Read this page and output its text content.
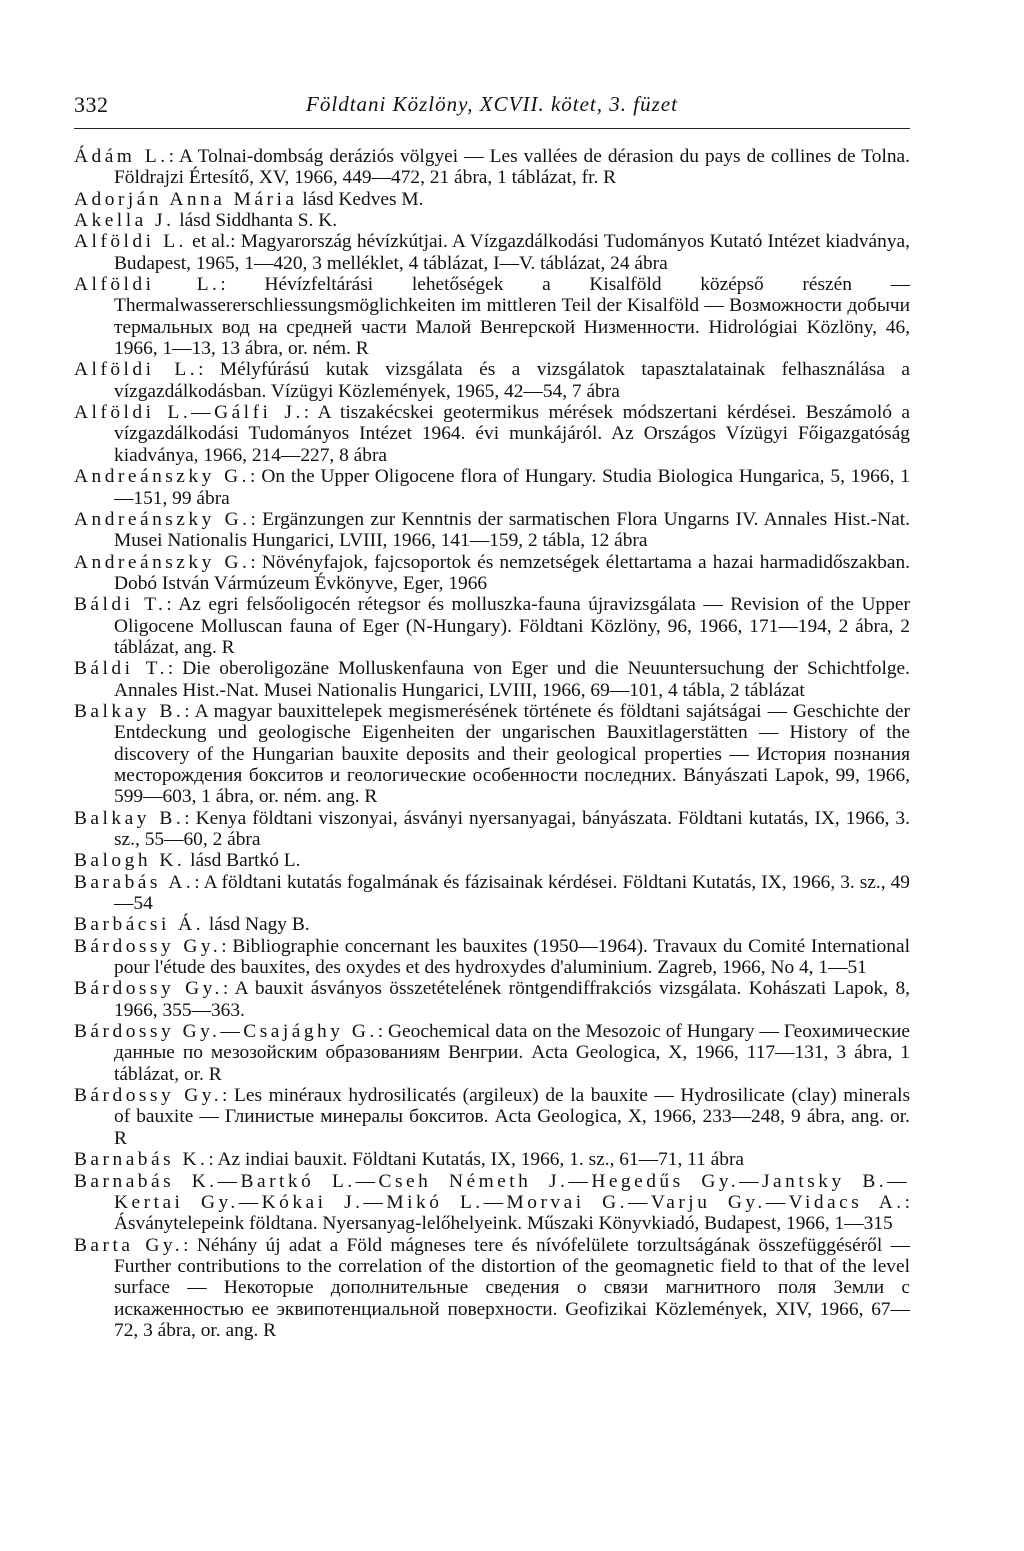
332	Földtani Közlöny, XCVII. kötet, 3. füzet

Ádám L.: A Tolnai-dombság deráziós völgyei — Les vallées de dérasion du pays de collines de Tolna. Földrajzi Értesítő, XV, 1966, 449—472, 21 ábra, 1 táblázat, fr. R

Adorján Anna Mária lásd Kedves M.

Akella J. lásd Siddhanta S. K.

Alföldi L. et al.: Magyarország hévízkútjai. A Vízgazdálkodási Tudományos Kutató Intézet kiadványa, Budapest, 1965, 1—420, 3 melléklet, 4 táblázat, I—V. táblázat, 24 ábra

Alföldi L.: Hévízfeltárási lehetőségek a Kisalföld középső részén — Thermalwassererschliessungsmöglichkeiten im mittleren Teil der Kisalföld — Возможности добычи термальных вод на средней части Малой Венгерской Низменности. Hidrológiai Közlöny, 46, 1966, 1—13, 13 ábra, or. ném. R

Alföldi L.: Mélyfúrású kutak vizsgálata és a vizsgálatok tapasztalatainak felhasználása a vízgazdálkodásban. Vízügyi Közlemények, 1965, 42—54, 7 ábra

Alföldi L.—Gálfi J.: A tiszakécskei geotermikus mérések módszertani kérdései. Beszámoló a vízgazdálkodási Tudományos Intézet 1964. évi munkájáról. Az Országos Vízügyi Főigazgatóság kiadványa, 1966, 214—227, 8 ábra

Andreánszky G.: On the Upper Oligocene flora of Hungary. Studia Biologica Hungarica, 5, 1966, 1—151, 99 ábra

Andreánszky G.: Ergänzungen zur Kenntnis der sarmatischen Flora Ungarns IV. Annales Hist.-Nat. Musei Nationalis Hungarici, LVIII, 1966, 141—159, 2 tábla, 12 ábra

Andreánszky G.: Növényfajok, fajcsoportok és nemzetségek élettartama a hazai harmadidőszakban. Dobó István Vármúzeum Évkönyve, Eger, 1966

Báldi T.: Az egri felsőoligocén rétegsor és molluszka-fauna újravizsgálata — Revision of the Upper Oligocene Molluscan fauna of Eger (N-Hungary). Földtani Közlöny, 96, 1966, 171—194, 2 ábra, 2 táblázat, ang. R

Báldi T.: Die oberoligozäne Molluskenfauna von Eger und die Neuuntersuchung der Schichtfolge. Annales Hist.-Nat. Musei Nationalis Hungarici, LVIII, 1966, 69—101, 4 tábla, 2 táblázat

Balkay B.: A magyar bauxittelepek megismerésének története és földtani sajátságai — Geschichte der Entdeckung und geologische Eigenheiten der ungarischen Bauxitlagerstätten — History of the discovery of the Hungarian bauxite deposits and their geological properties — История познания месторождения бокситов и геологические особенности последних. Bányászati Lapok, 99, 1966, 599—603, 1 ábra, or. ném. ang. R

Balkay B.: Kenya földtani viszonyai, ásványi nyersanyagai, bányászata. Földtani kutatás, IX, 1966, 3. sz., 55—60, 2 ábra

Balogh K. lásd Bartkó L.

Barabás A.: A földtani kutatás fogalmának és fázisainak kérdései. Földtani Kutatás, IX, 1966, 3. sz., 49—54

Barbácsi Á. lásd Nagy B.

Bárdossy Gy.: Bibliographie concernant les bauxites (1950—1964). Travaux du Comité International pour l'étude des bauxites, des oxydes et des hydroxydes d'aluminium. Zagreb, 1966, No 4, 1—51

Bárdossy Gy.: A bauxit ásványos összetételének röntgendiffrakciós vizsgálata. Kohászati Lapok, 8, 1966, 355—363.

Bárdossy Gy.—Csajághy G.: Geochemical data on the Mesozoic of Hungary — Геохимические данные по мезозойским образованиям Венгрии. Acta Geologica, X, 1966, 117—131, 3 ábra, 1 táblázat, or. R

Bárdossy Gy.: Les minéraux hydrosilicatés (argileux) de la bauxite — Hydrosilicate (clay) minerals of bauxite — Глинистые минералы бокситов. Acta Geologica, X, 1966, 233—248, 9 ábra, ang. or. R

Barnabás K.: Az indiai bauxit. Földtani Kutatás, IX, 1966, 1. sz., 61—71, 11 ábra

Barnabás K.—Bartkó L.—Cseh Németh J.—Hegedűs Gy.—Jantsky B.—Kertai Gy.—Kókai J.—Mikó L.—Morvai G.—Varju Gy.—Vidacs A.: Ásványtelepeink földtana. Nyersanyag-lelőhelyeink. Műszaki Könyvkiadó, Budapest, 1966, 1—315

Barta Gy.: Néhány új adat a Föld mágneses tere és nívófelülete torzultságának összefüggéséről — Further contributions to the correlation of the distortion of the geomagnetic field to that of the level surface — Некоторые дополнительные сведения о связи магнитного поля Земли с искаженностью ее эквипотенциальной поверхности. Geofizikai Közlemények, XIV, 1966, 67—72, 3 ábra, or. ang. R
